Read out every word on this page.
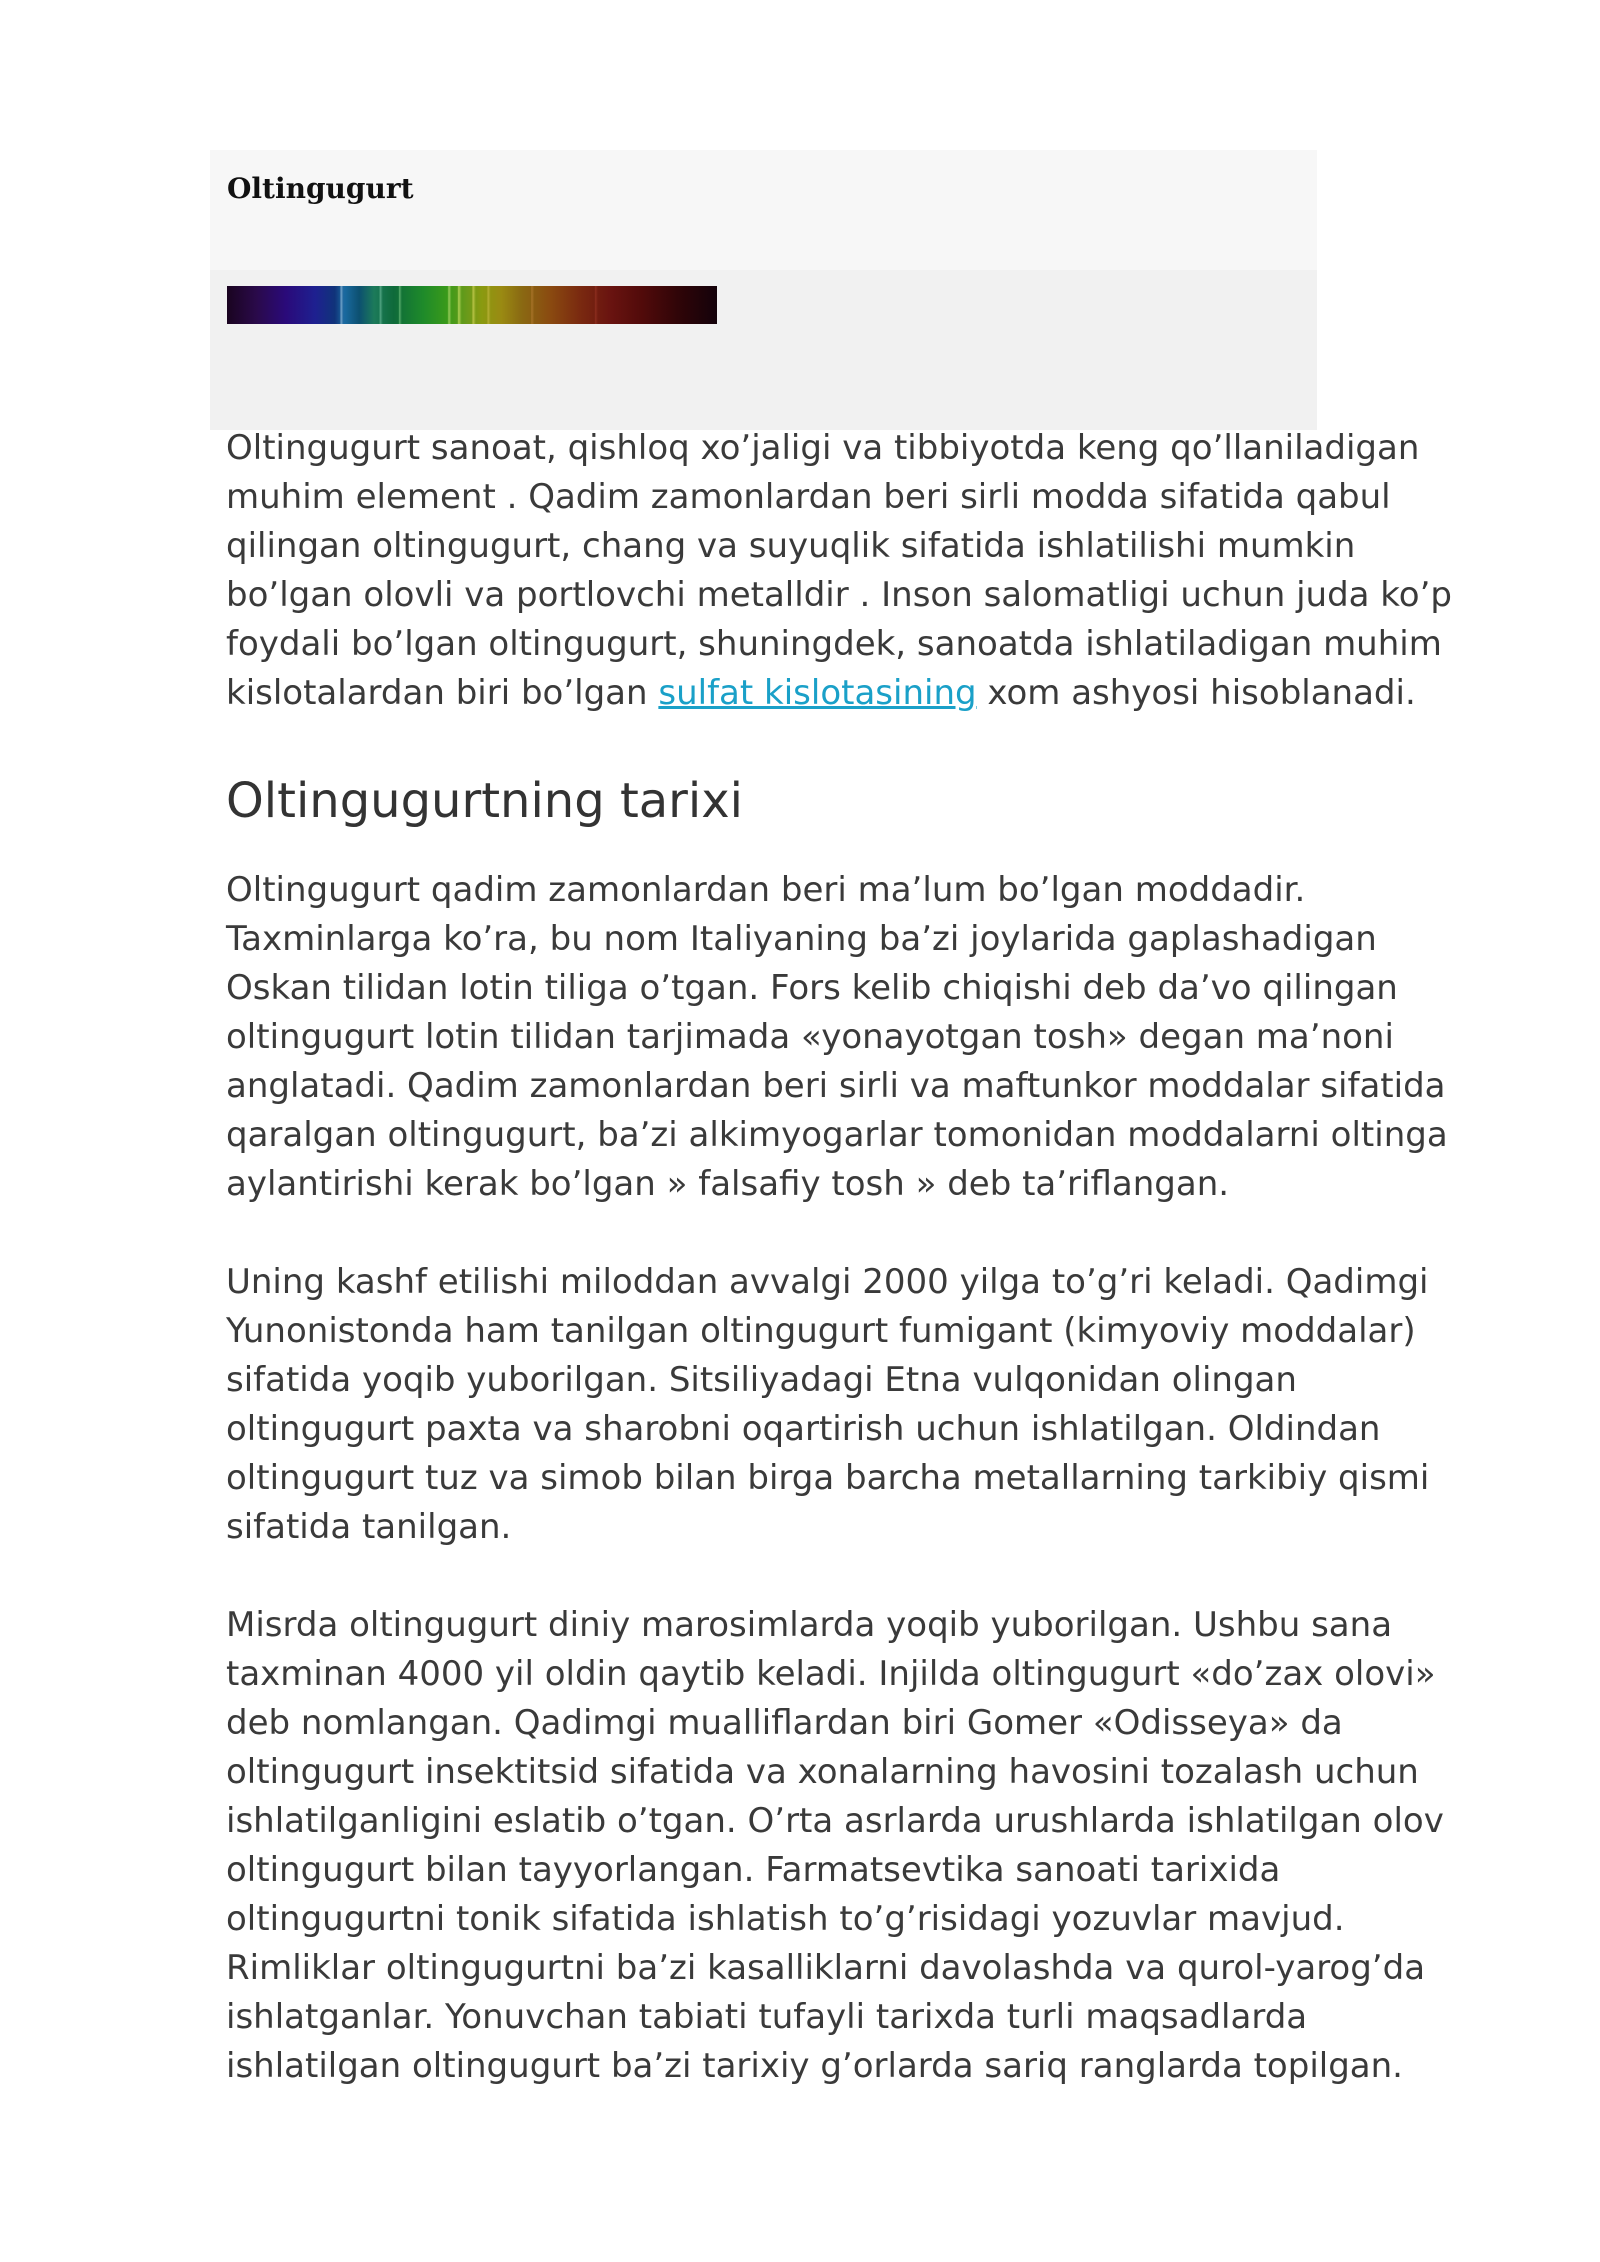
Oltingugurt

Oltingugurt sanoat, qishloq xo’jaligi va tibbiyotda keng qo’llaniladigan
muhim element . Qadim zamonlardan beri sirli modda sifatida qabul
qilingan oltingugurt, chang va suyuqlik sifatida ishlatilishi mumkin
bo’lgan olovli va portlovchi metalldir . Inson salomatligi uchun juda ko’p
foydali bo’lgan oltingugurt, shuningdek, sanoatda ishlatiladigan muhim
kislotalardan biri bo’lgan sulfat kislotasining xom ashyosi hisoblanadi.

Oltingugurtning tarixi

Oltingugurt qadim zamonlardan beri ma’lum bo’lgan moddadir.
Taxminlarga ko’ra, bu nom Italiyaning ba’zi joylarida gaplashadigan
Oskan tilidan lotin tiliga o’tgan. Fors kelib chiqishi deb da’vo qilingan
oltingugurt lotin tilidan tarjimada «yonayotgan tosh» degan ma’noni
anglatadi. Qadim zamonlardan beri sirli va maftunkor moddalar sifatida
qaralgan oltingugurt, ba’zi alkimyogarlar tomonidan moddalarni oltinga
aylantirishi kerak bo’lgan » falsafiy tosh » deb ta’riflangan.

Uning kashf etilishi miloddan avvalgi 2000 yilga to’g’ri keladi. Qadimgi
Yunonistonda ham tanilgan oltingugurt fumigant (kimyoviy moddalar)
sifatida yoqib yuborilgan. Sitsiliyadagi Etna vulqonidan olingan
oltingugurt paxta va sharobni oqartirish uchun ishlatilgan. Oldindan
oltingugurt tuz va simob bilan birga barcha metallarning tarkibiy qismi
sifatida tanilgan.

Misrda oltingugurt diniy marosimlarda yoqib yuborilgan. Ushbu sana
taxminan 4000 yil oldin qaytib keladi. Injilda oltingugurt «do’zax olovi»
deb nomlangan. Qadimgi mualliflardan biri Gomer «Odisseya» da
oltingugurt insektitsid sifatida va xonalarning havosini tozalash uchun
ishlatilganligini eslatib o’tgan. O’rta asrlarda urushlarda ishlatilgan olov
oltingugurt bilan tayyorlangan. Farmatsevtika sanoati tarixida
oltingugurtni tonik sifatida ishlatish to’g’risidagi yozuvlar mavjud.
Rimliklar oltingugurtni ba’zi kasalliklarni davolashda va qurol-yarog’da
ishlatganlar. Yonuvchan tabiati tufayli tarixda turli maqsadlarda
ishlatilgan oltingugurt ba’zi tarixiy g’orlarda sariq ranglarda topilgan.
